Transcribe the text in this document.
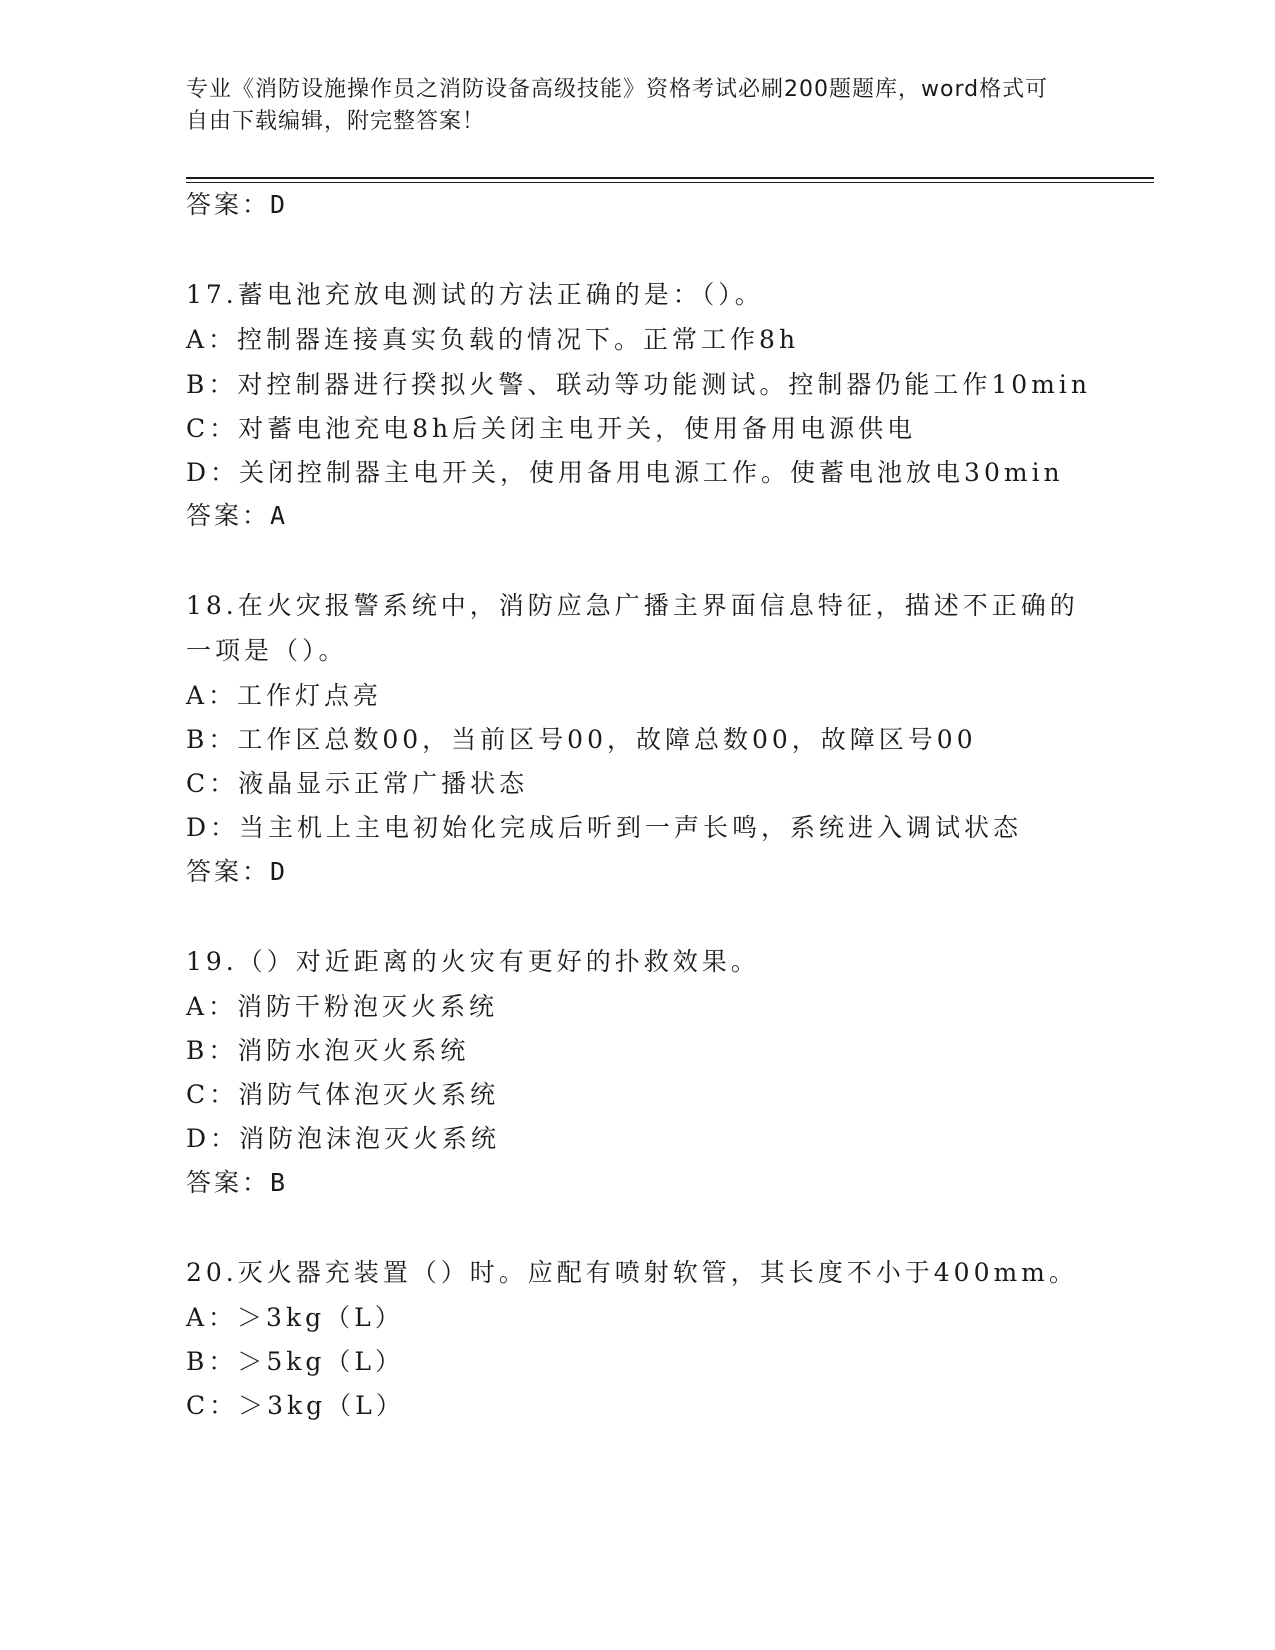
专业《消防设施操作员之消防设备高级技能》资格考试必刷200题题库，word格式可自由下载编辑，附完整答案！
答案：D
17.蓄电池充放电测试的方法正确的是：（）。
A：控制器连接真实负载的情况下。正常工作8h
B：对控制器进行揆拟火警、联动等功能测试。控制器仍能工作10min
C：对蓄电池充电8h后关闭主电开关，使用备用电源供电
D：关闭控制器主电开关，使用备用电源工作。使蓄电池放电30min
答案：A
18.在火灾报警系统中，消防应急广播主界面信息特征，描述不正确的
一项是（）。
A：工作灯点亮
B：工作区总数00，当前区号00，故障总数00，故障区号00
C：液晶显示正常广播状态
D：当主机上主电初始化完成后听到一声长鸣，系统进入调试状态
答案：D
19.（）对近距离的火灾有更好的扑救效果。
A：消防干粉泡灭火系统
B：消防水泡灭火系统
C：消防气体泡灭火系统
D：消防泡沫泡灭火系统
答案：B
20.灭火器充装置（）时。应配有喷射软管，其长度不小于400mm。
A：＞3kg（L）
B：＞5kg（L）
C：＞3kg（L）
